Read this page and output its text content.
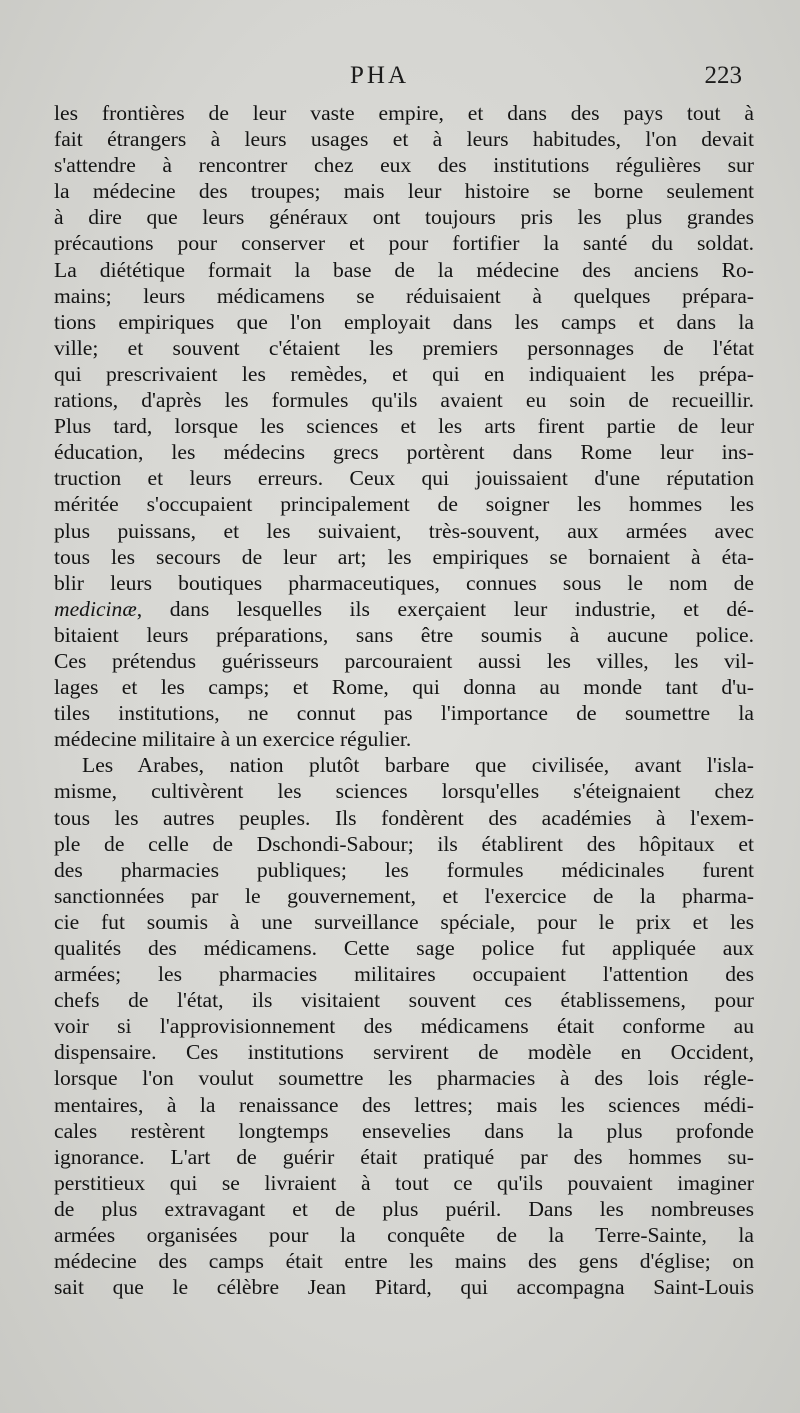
PHA	223
les frontières de leur vaste empire, et dans des pays tout à
fait étrangers à leurs usages et à leurs habitudes, l'on devait
s'attendre à rencontrer chez eux des institutions régulières sur
la médecine des troupes; mais leur histoire se borne seulement
à dire que leurs généraux ont toujours pris les plus grandes
précautions pour conserver et pour fortifier la santé du soldat.
La diététique formait la base de la médecine des anciens Ro-
mains; leurs médicamens se réduisaient à quelques prépara-
tions empiriques que l'on employait dans les camps et dans la
ville; et souvent c'étaient les premiers personnages de l'état
qui prescrivaient les remèdes, et qui en indiquaient les prépa-
rations, d'après les formules qu'ils avaient eu soin de recueillir.
Plus tard, lorsque les sciences et les arts firent partie de leur
éducation, les médecins grecs portèrent dans Rome leur ins-
truction et leurs erreurs. Ceux qui jouissaient d'une réputation
méritée s'occupaient principalement de soigner les hommes les
plus puissans, et les suivaient, très-souvent, aux armées avec
tous les secours de leur art; les empiriques se bornaient à éta-
blir leurs boutiques pharmaceutiques, connues sous le nom de
medicinæ, dans lesquelles ils exerçaient leur industrie, et dé-
bitaient leurs préparations, sans être soumis à aucune police.
Ces prétendus guérisseurs parcouraient aussi les villes, les vil-
lages et les camps; et Rome, qui donna au monde tant d'u-
tiles institutions, ne connut pas l'importance de soumettre la
médecine militaire à un exercice régulier.
Les Arabes, nation plutôt barbare que civilisée, avant l'isla-
misme, cultivèrent les sciences lorsqu'elles s'éteignaient chez
tous les autres peuples. Ils fondèrent des académies à l'exem-
ple de celle de Dschondi-Sabour; ils établirent des hôpitaux et
des pharmacies publiques; les formules médicinales furent
sanctionnées par le gouvernement, et l'exercice de la pharma-
cie fut soumis à une surveillance spéciale, pour le prix et les
qualités des médicamens. Cette sage police fut appliquée aux
armées; les pharmacies militaires occupaient l'attention des
chefs de l'état, ils visitaient souvent ces établissemens, pour
voir si l'approvisionnement des médicamens était conforme au
dispensaire. Ces institutions servirent de modèle en Occident,
lorsque l'on voulut soumettre les pharmacies à des lois régle-
mentaires, à la renaissance des lettres; mais les sciences médi-
cales restèrent longtemps ensevelies dans la plus profonde
ignorance. L'art de guérir était pratiqué par des hommes su-
perstitieux qui se livraient à tout ce qu'ils pouvaient imaginer
de plus extravagant et de plus puéril. Dans les nombreuses
armées organisées pour la conquête de la Terre-Sainte, la
médecine des camps était entre les mains des gens d'église; on
sait que le célèbre Jean Pitard, qui accompagna Saint-Louis
